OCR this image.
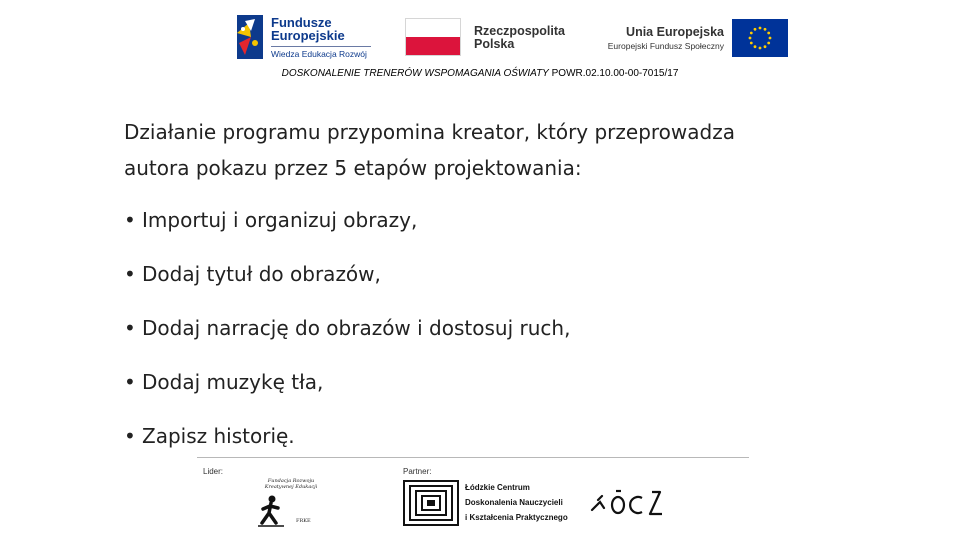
Fundusze
Europejskie
Wiedza Edukacja Rozwój
Rzeczpospolita
Polska
Unia Europejska
Europejski Fundusz Społeczny
DOSKONALENIE TRENERÓW WSPOMAGANIA OŚWIATY POWR.02.10.00-00-7015/17
Działanie programu przypomina kreator, który przeprowadza
autora pokazu przez 5 etapów projektowania:
• Importuj i organizuj obrazy,
• Dodaj tytuł do obrazów,
• Dodaj narrację do obrazów i dostosuj ruch,
• Dodaj muzykę tła,
• Zapisz historię.
Lider:	Partner:
Fundacja Rozwoju
Kreatywnej Edukacji
FRKE
Łódzkie Centrum
Doskonalenia Nauczycieli
i Kształcenia Praktycznego
